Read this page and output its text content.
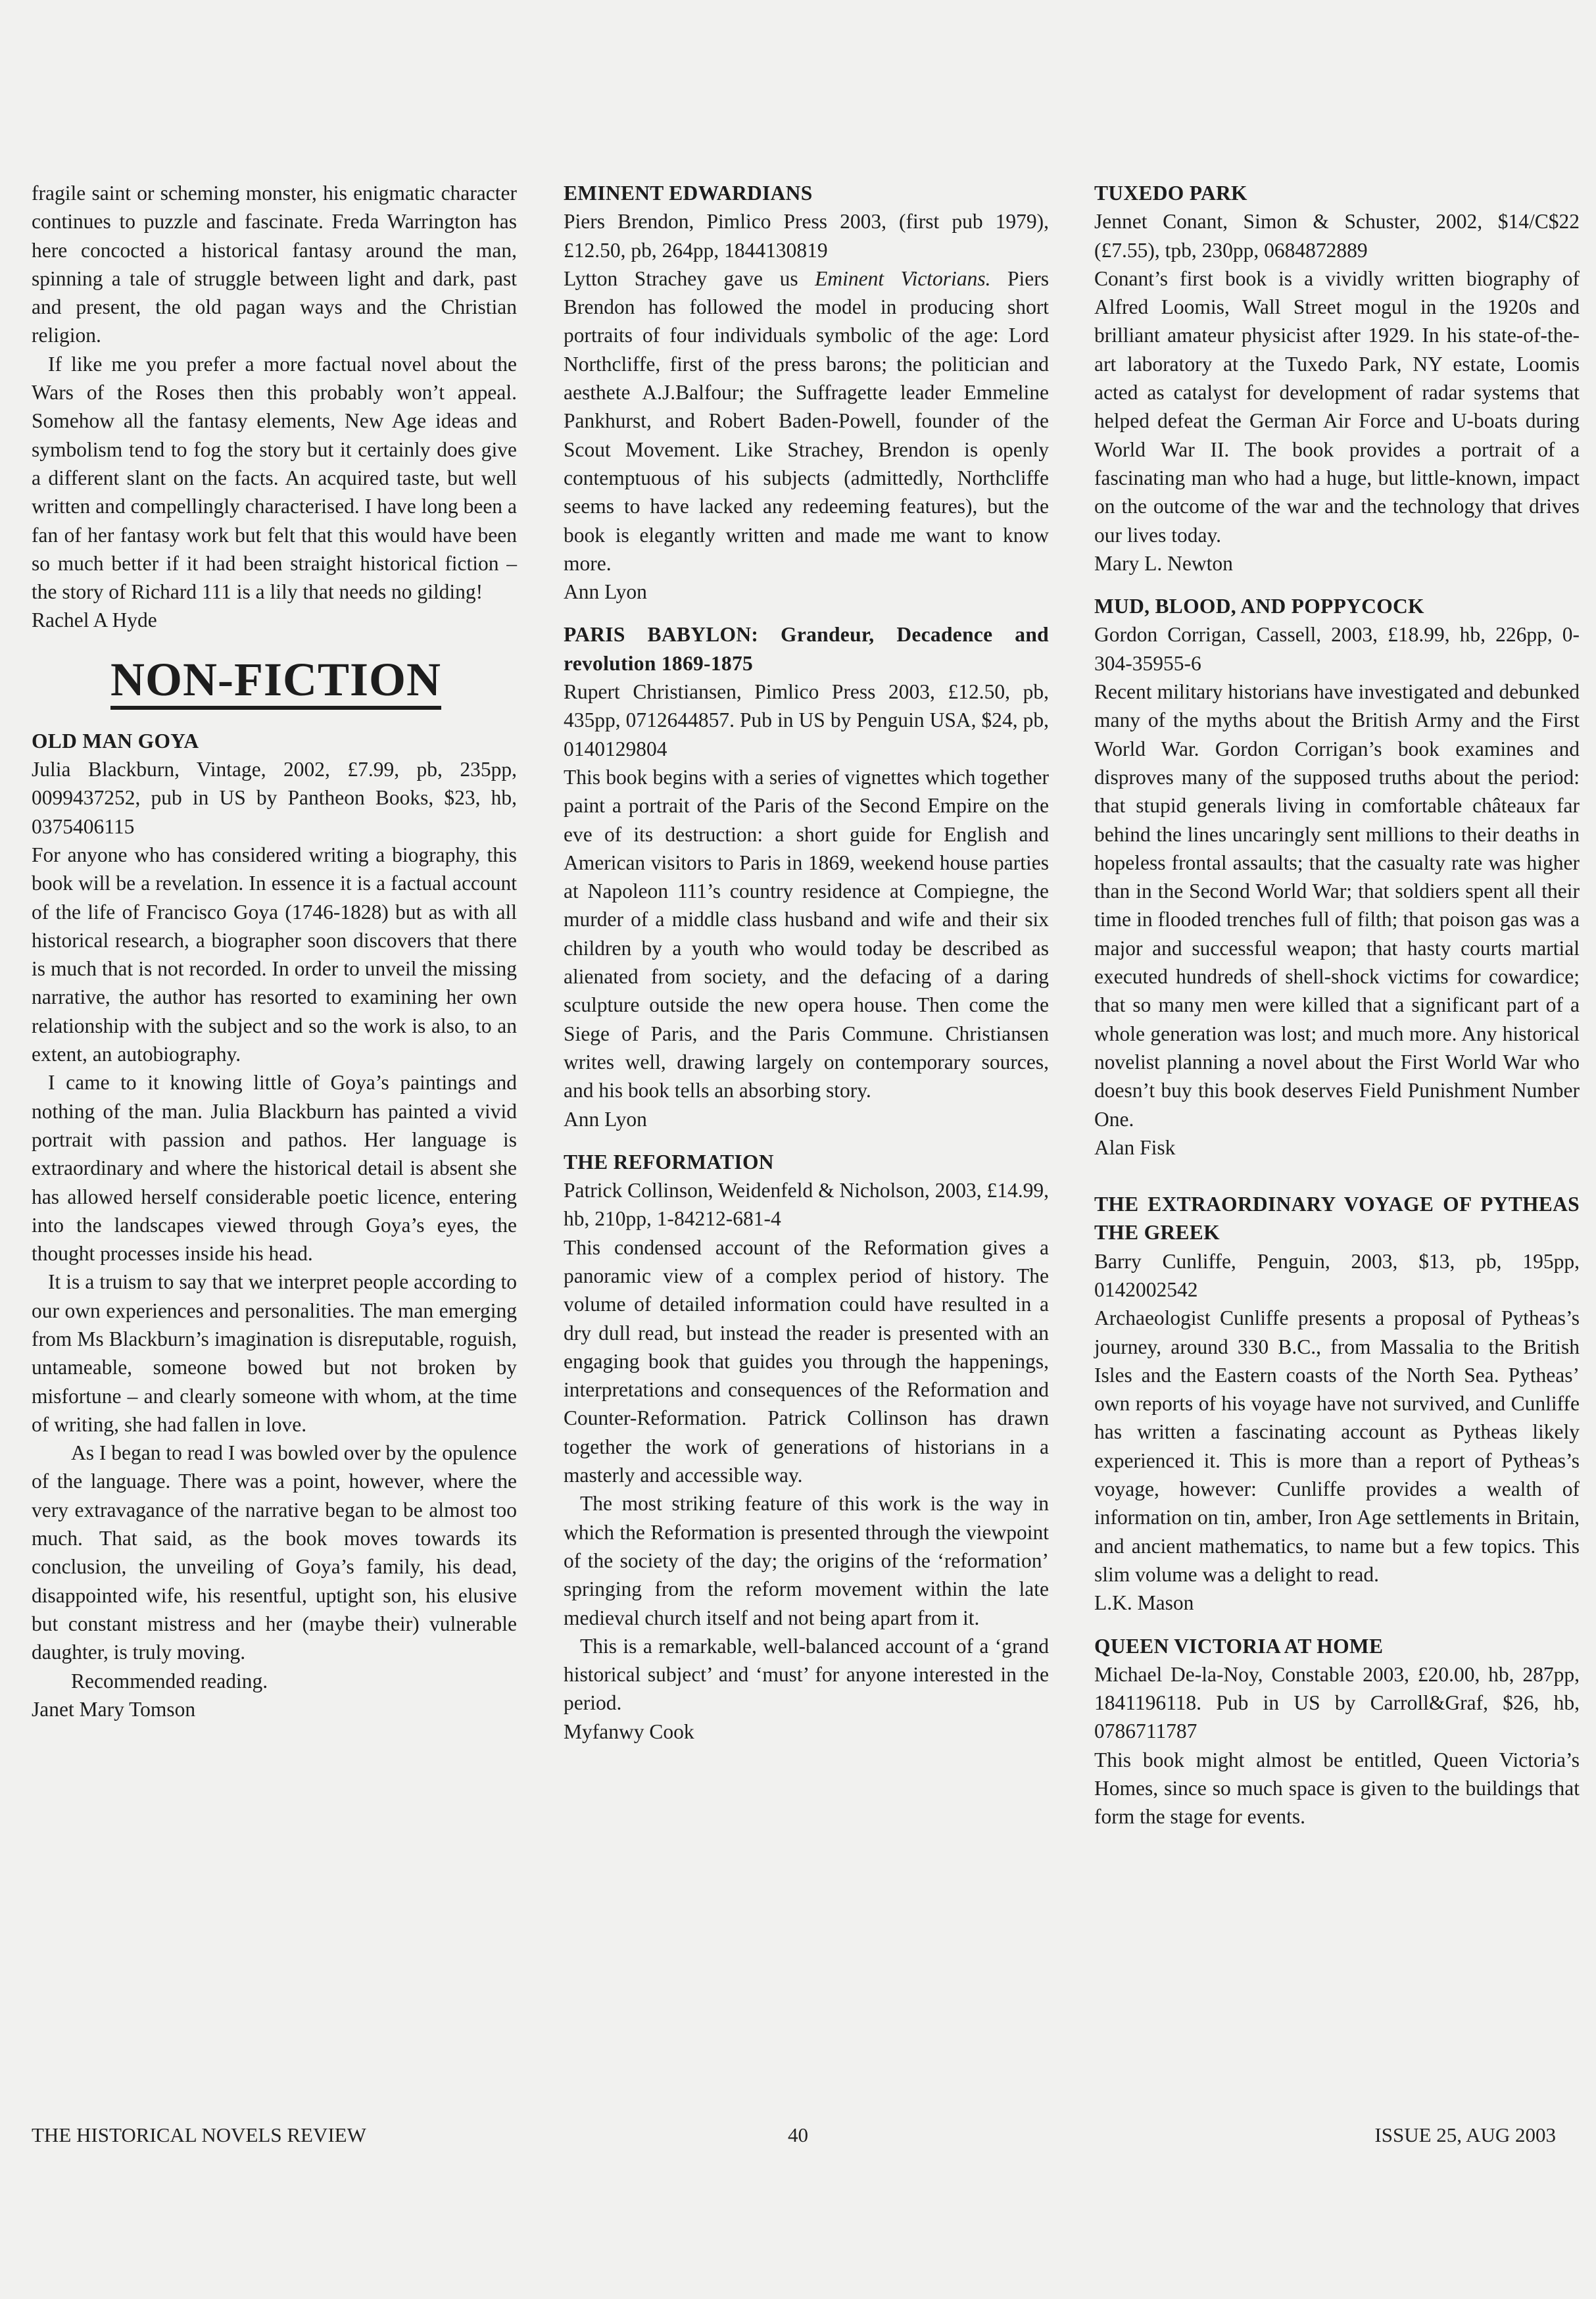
fragile saint or scheming monster, his enigmatic character continues to puzzle and fascinate. Freda Warrington has here concocted a historical fantasy around the man, spinning a tale of struggle between light and dark, past and present, the old pagan ways and the Christian religion.

If like me you prefer a more factual novel about the Wars of the Roses then this probably won’t appeal. Somehow all the fantasy elements, New Age ideas and symbolism tend to fog the story but it certainly does give a different slant on the facts. An acquired taste, but well written and compellingly characterised. I have long been a fan of her fantasy work but felt that this would have been so much better if it had been straight historical fiction – the story of Richard 111 is a lily that needs no gilding!

Rachel A Hyde

NON-FICTION
OLD MAN GOYA

Julia Blackburn, Vintage, 2002, £7.99, pb, 235pp, 0099437252, pub in US by Pantheon Books, $23, hb, 0375406115

For anyone who has considered writing a biography, this book will be a revelation. In essence it is a factual account of the life of Francisco Goya (1746-1828) but as with all historical research, a biographer soon discovers that there is much that is not recorded. In order to unveil the missing narrative, the author has resorted to examining her own relationship with the subject and so the work is also, to an extent, an autobiography.

I came to it knowing little of Goya’s paintings and nothing of the man. Julia Blackburn has painted a vivid portrait with passion and pathos. Her language is extraordinary and where the historical detail is absent she has allowed herself considerable poetic licence, entering into the landscapes viewed through Goya’s eyes, the thought processes inside his head.

It is a truism to say that we interpret people according to our own experiences and personalities. The man emerging from Ms Blackburn’s imagination is disreputable, roguish, untameable, someone bowed but not broken by misfortune – and clearly someone with whom, at the time of writing, she had fallen in love.

As I began to read I was bowled over by the opulence of the language. There was a point, however, where the very extravagance of the narrative began to be almost too much. That said, as the book moves towards its conclusion, the unveiling of Goya’s family, his dead, disappointed wife, his resentful, uptight son, his elusive but constant mistress and her (maybe their) vulnerable daughter, is truly moving.

Recommended reading.

Janet Mary Tomson

EMINENT EDWARDIANS

Piers Brendon, Pimlico Press 2003, (first pub 1979), £12.50, pb, 264pp, 1844130819

Lytton Strachey gave us Eminent Victorians. Piers Brendon has followed the model in producing short portraits of four individuals symbolic of the age: Lord Northcliffe, first of the press barons; the politician and aesthete A.J.Balfour; the Suffragette leader Emmeline Pankhurst, and Robert Baden-Powell, founder of the Scout Movement. Like Strachey, Brendon is openly contemptuous of his subjects (admittedly, Northcliffe seems to have lacked any redeeming features), but the book is elegantly written and made me want to know more.

Ann Lyon

PARIS BABYLON: Grandeur, Decadence and revolution 1869-1875

Rupert Christiansen, Pimlico Press 2003, £12.50, pb, 435pp, 0712644857. Pub in US by Penguin USA, $24, pb, 0140129804

This book begins with a series of vignettes which together paint a portrait of the Paris of the Second Empire on the eve of its destruction: a short guide for English and American visitors to Paris in 1869, weekend house parties at Napoleon 111’s country residence at Compiegne, the murder of a middle class husband and wife and their six children by a youth who would today be described as alienated from society, and the defacing of a daring sculpture outside the new opera house. Then come the Siege of Paris, and the Paris Commune. Christiansen writes well, drawing largely on contemporary sources, and his book tells an absorbing story.

Ann Lyon

THE REFORMATION

Patrick Collinson, Weidenfeld & Nicholson, 2003, £14.99, hb, 210pp, 1-84212-681-4

This condensed account of the Reformation gives a panoramic view of a complex period of history. The volume of detailed information could have resulted in a dry dull read, but instead the reader is presented with an engaging book that guides you through the happenings, interpretations and consequences of the Reformation and Counter-Reformation. Patrick Collinson has drawn together the work of generations of historians in a masterly and accessible way.

The most striking feature of this work is the way in which the Reformation is presented through the viewpoint of the society of the day; the origins of the ‘reformation’ springing from the reform movement within the late medieval church itself and not being apart from it.

This is a remarkable, well-balanced account of a ‘grand historical subject’ and ‘must’ for anyone interested in the period.

Myfanwy Cook

TUXEDO PARK

Jennet Conant, Simon & Schuster, 2002, $14/C$22 (£7.55), tpb, 230pp, 0684872889

Conant’s first book is a vividly written biography of Alfred Loomis, Wall Street mogul in the 1920s and brilliant amateur physicist after 1929. In his state-of-the-art laboratory at the Tuxedo Park, NY estate, Loomis acted as catalyst for development of radar systems that helped defeat the German Air Force and U-boats during World War II. The book provides a portrait of a fascinating man who had a huge, but little-known, impact on the outcome of the war and the technology that drives our lives today.

Mary L. Newton

MUD, BLOOD, AND POPPYCOCK

Gordon Corrigan, Cassell, 2003, £18.99, hb, 226pp, 0-304-35955-6

Recent military historians have investigated and debunked many of the myths about the British Army and the First World War. Gordon Corrigan’s book examines and disproves many of the supposed truths about the period: that stupid generals living in comfortable châteaux far behind the lines uncaringly sent millions to their deaths in hopeless frontal assaults; that the casualty rate was higher than in the Second World War; that soldiers spent all their time in flooded trenches full of filth; that poison gas was a major and successful weapon; that hasty courts martial executed hundreds of shell-shock victims for cowardice; that so many men were killed that a significant part of a whole generation was lost; and much more. Any historical novelist planning a novel about the First World War who doesn’t buy this book deserves Field Punishment Number One.

Alan Fisk

THE EXTRAORDINARY VOYAGE OF PYTHEAS THE GREEK

Barry Cunliffe, Penguin, 2003, $13, pb, 195pp, 0142002542

Archaeologist Cunliffe presents a proposal of Pytheas’s journey, around 330 B.C., from Massalia to the British Isles and the Eastern coasts of the North Sea. Pytheas’ own reports of his voyage have not survived, and Cunliffe has written a fascinating account as Pytheas likely experienced it. This is more than a report of Pytheas’s voyage, however: Cunliffe provides a wealth of information on tin, amber, Iron Age settlements in Britain, and ancient mathematics, to name but a few topics. This slim volume was a delight to read.

L.K. Mason

QUEEN VICTORIA AT HOME

Michael De-la-Noy, Constable 2003, £20.00, hb, 287pp, 1841196118. Pub in US by Carroll&Graf, $26, hb, 0786711787

This book might almost be entitled, Queen Victoria’s Homes, since so much space is given to the buildings that form the stage for events.

THE HISTORICAL NOVELS REVIEW	40	ISSUE 25, AUG 2003
